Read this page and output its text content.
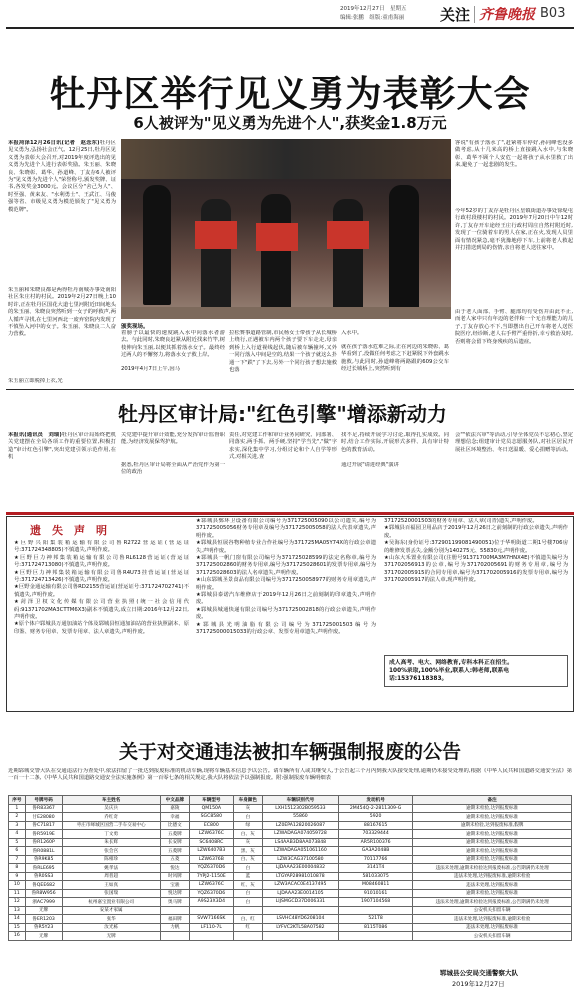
2019年12月27日　星期五
编辑:张鹏　组版:童甫海丽 关注 齐鲁晚报 B03
牡丹区举行见义勇为表彰大会
6人被评为"见义勇为先进个人",获奖金1.8万元
本报菏泽12月26日讯(记者　赵念东)牡丹区见义勇为,弘扬社会正气。12月25日,牡丹区见义勇为表彰大会召开,对2019年度评选出的见义勇为先进个人进行表彰奖励。朱玉丽、朱晓良、朱晓彰、葛华、孙道峰、丁友存6人被评为"见义勇为先进个人"荣誉称号,颁发奖牌、证书,各发奖金3000元。会议区分"舍己为人"、时至强、黄来友、"水利勇士"、王武江、马俊强等省、市级见义勇为模范颁发了"见义勇为模范牌"。
朱玉丽和朱晓良都是两得牡丹南城办事处南阳社区朱庄村的村民。2019年2月27日晚上10时许,正在牡丹区国花大道七里河附近田间地头的朱玉丽、朱晓良突然听到一女子的呼救声,两人循声寻找,在七里河西北一废弃窑院内发现了不慎坠入河中的女子。朱玉丽、朱晓良二人奋力营救。
朱玉丽立即脱掉上衣,光
颁奖现场。
着膀子以最快的速度跳入水中向落水者游去。与此同时,朱晓良赶紧从附近找来竹竿,树枝伸向朱玉丽,以便其抓着落水女子。最终经过两人的不懈努力,将落水女子救上岸。
2019年4月7日上午,因马
拉松赛事道路管制,市民杨女士带孩子从长城桥上绕行,正遇被车内两个孩子要下车走走,母亲到桥上入行道视线起伏,随后被车辆撞坏,又外一同行落入中间是空的,结果一个孩子就这么扑通一下"跌"了下去,另外一个同行孩子想去施救也落
入水中。
就在孩子落水危难之际,正在河边的朱晓彰、葛华看到了,没做任何考虑之下赶紧脱下外套跳水施救,与此同时,孙道峰将两路跟的609公交车经过长城桥上,突然听到有
客说"有孩子落水了",赶紧将车停好,孙同峰也没多做考虑,从十几米高的桥上直接跳入水中,与朱晓彰、葛华不顾个人安危一起将孩子从水里救了出来,避免了一起悲剧的发生。
今年52岁的丁友存是牡丹区皇镇街道办事处徐堤屯行政村段楼村的村民。2019年7月20日中午12时许,丁友存开车途经王庄行政村周庄自然村附近时,发现了一位骑着车的男人在家,正在火,发现人员里面有情况紧急,毫不犹豫地停下车,上前将老人救起并打措送到局的伤情,亲自将老人送往家中。
由于老人面部、手臂、腿部均有受伤并由此不止,而老人家中只有年迈的老伴和一个无自理能力的儿子,丁友存放心不下,当即摆出自己开车将老人送医院医疗,经诊断,老人右手臂严重骨折,幸亏救治及时,否则将会留下终身残疾的后遗症。
牡丹区审计局:"红色引擎"增添新动力
本报讯(通讯员　刘瑞)牡丹区审计局始终把机关党建摆在全局各项工作的重要位置,积极打造"审计红色引擎",突出党建引领示范作用,在机
关党建中提升审计效能,充分发挥审计监督职能,为经济发展保驾护航。
据悉,牡丹区审计局将全面从严治党作为第一位的政治
责任,对党建工作和审计业务同研究、同部署、同落实,两手抓、两手硬,坚持"学当先","做"字求实,深化集中学习,分组讨论和个人自学等形式,对相关进,查
找不足,持续开展学习讨论,取得扎实成效。同时,结合工作实际,开展形式多样、具有审计特色的教育活动。
通过开展"请进经典"演讲
会""依法兴审"等活动,引导全体党员不忘初心,坚定理想信念;组建审计党员志愿服务队,对社区居民开展社区环境整治、冬日送温暖、爱心捐赠等活动。
遗　失　声　明

★巨野兴阳集装箱运输有限公司鲁R2722营运证(营运证号:371724348805)不慎遗失,声明作废。

★巨野巨力神邦集装箱运输有限公司鲁RL6128营运证(营运证号:371724713080)不慎遗失,声明作废。

★巨野巨力神邦集装箱运输有限公司鲁R4U73挂营运证(营运证号:371724713426)不慎遗失,声明作废。

★巨野金通运输有限公司鲁RD2155营运证(营运证号:371724702741)不慎遗失,声明作废。

★菏泽卫权文化传媒有限公司营业执照(统一社会信用代码:91371702MA3CTTM6X3)副本不慎遗失,成立日期:2016年12月22日,声明作废。

★原个体户郓城县万通加油站个体及郓城县恒通加油站的营业执照副本、原印鉴、财务专用章、发票专用章、法人章遗失,声明作废。

★郓城县鄄环卫设备有限公司编号为371725005090以公司遗失,编号为371725005056财务专用章及编号为371725005058的法人代表章遗失,声明作废。

★郓城县恒展谷物种植专业合作社编号为371725MA05Y74X的行政公章遗失,声明作废。

★郓城县一帆门窗有限公司编号为371725028599的法定名称章,编号为371725002860的财务专用章,编号为371725028601的发票专用章,编号为371725028603的法人名章遗失,声明作废。

★山东郓城圣景食品有限公司编号为3717250058977的财务专用章遗失,声明作废。

★郓城县泰诺汽车维修店于2019年12月26日之前刻制的印章遗失,声明作废。

★郓城县城通快递有限公司编号为371725002818的行政公章遗失,声明作废。

★郓城县光明油脂有限公司编号为371725001503编号为371725000015033的行政公章、发票专用章遗失,声明作废。

37172520001503的财务专用章、法人章(司青)遗失,声明作废。

★郓城县百福园卫用品店于2019年12月26日之前刻制的行政公章遗失,声明作废。

★吴海东(身份证号:372901199081490051)位于华明街道二期1号楼706房的维修发票丢失,金额分别为140275元、55830元,声明作废。

★山东大禾置业有限公司(注册号91371700MA3M7HNX4E)不慎遗失编号为371702056913的公章,编号为371702005691的财务专用章,编号为371702005915的合同专用章,编号为371702005916的发票专用章,编号为371702005917的法人章,现声明作废。

成人高考、电大、网络教育,专科本科正在招生。
100%录取,100%毕业,联系人:韩老师,联系电话:15376118383。
关于对交通违法被扣车辆强制报废的公告
近期郓城交警大队在交通违法行为查处中,依法扣留了一批达到报废标准的机动车辆,现将车辆基本信息予以公告。请车辆所有人或其继受人,于公告起三个月内到我大队接受处理,逾期仍未接受处理的,根据《中华人民共和国道路交通安全法》第一百一十二条,《中华人民共和国道路交通安全法实施条例》第一百零七条的相关规定,我大队将依法予以强制报废。附:强制报废车辆明细表
序号	号牌号码	车主姓名	中文品牌	车辆型号	车身颜色	车辆识别代号	发动机号	备注
1	鲁R83367	吴庆兵	嘉陵	QM150A	灰	LXH1512302B059533	2M454Q-2-2811309-G	逾期未检验,达到报废标准
2	甘E28080	乔红奇	幸福	SGC8580	白	55860	5920	逾期未检验,达到报废标准
3	鲁C71817	枣庄市峄城区国营二手车交易中心	比德文	EC800	绿	LZ0EPA12820026087	88167615	逾期未检验,达到报废标准,假牌
4	鲁R5919E	丁文勇	五菱牌	LZW6376C	白、灰	LZWADAGA074059728	703329444	逾期未检验,达到报废标准
5	鲁R1260P	朱长辉	长安牌	SC6408RC	灰	LS4AAB3D8AA073848	AR5R100376	逾期未检验,达到报废标准
6	鲁R0881L	张会宫	五菱牌	LZW6407B3	黑、灰	LZWADAGA051061160	GA3A2048B	逾期未检验,达到报废标准
7	鲁R9K85	陈相珍	五菱	LZW6376B	白、灰	LZW3CAG37100580	70117766	逾期未检验,达到报废标准
8	鲁RLE695	姚孝法	悦达	YQZ6370D6	白	LJDAAA23E00004832	3141T4	违法未处理,逾期未检验达到报废标准,公告期满仍未处理
9	鲁R0SS3	周普超	时风牌	7YPJ2-1150E	蓝	LTGYAP28981010878	581033075	违法未处理,达到报废标准,逾期未检验
10	鲁QEE682	王如真	宝骏	LZW6376C	红、灰	LZW3ACAC0E4137495	M08460811	违法未处理,达到报废标准
11	鲁R8W956	张国瑞	悦达牌	YQZ6370D6	白	LJDAAA23E0014105	91010161	逾期未检验,达到报废标准
12	浙AC7999	杭州嘉宝置业有限公司	奥马牌	A9S23X3D4	白	LIJSMGCD37D006331	1907104568	违法未处理,逾期未检验达到报废标准,公告期满仍未处理
13	无牌	安某才家属						公安机关扣留车辆
14	鲁ER1203	张华	福田牌	SVW7166SK	白、红	LSVHC48YD6208104	521T8	违法未处理,达到报废标准,逾期未检验
15	鲁R5Y23	汝光栋	力帆	LF110-7L	红	LYFVC2KTL58A07582	8115T086	违法未处理,达到报废标准
16	无牌	无牌						公安机关扣留车辆
郓城县公安局交通警察大队
2019年12月27日
